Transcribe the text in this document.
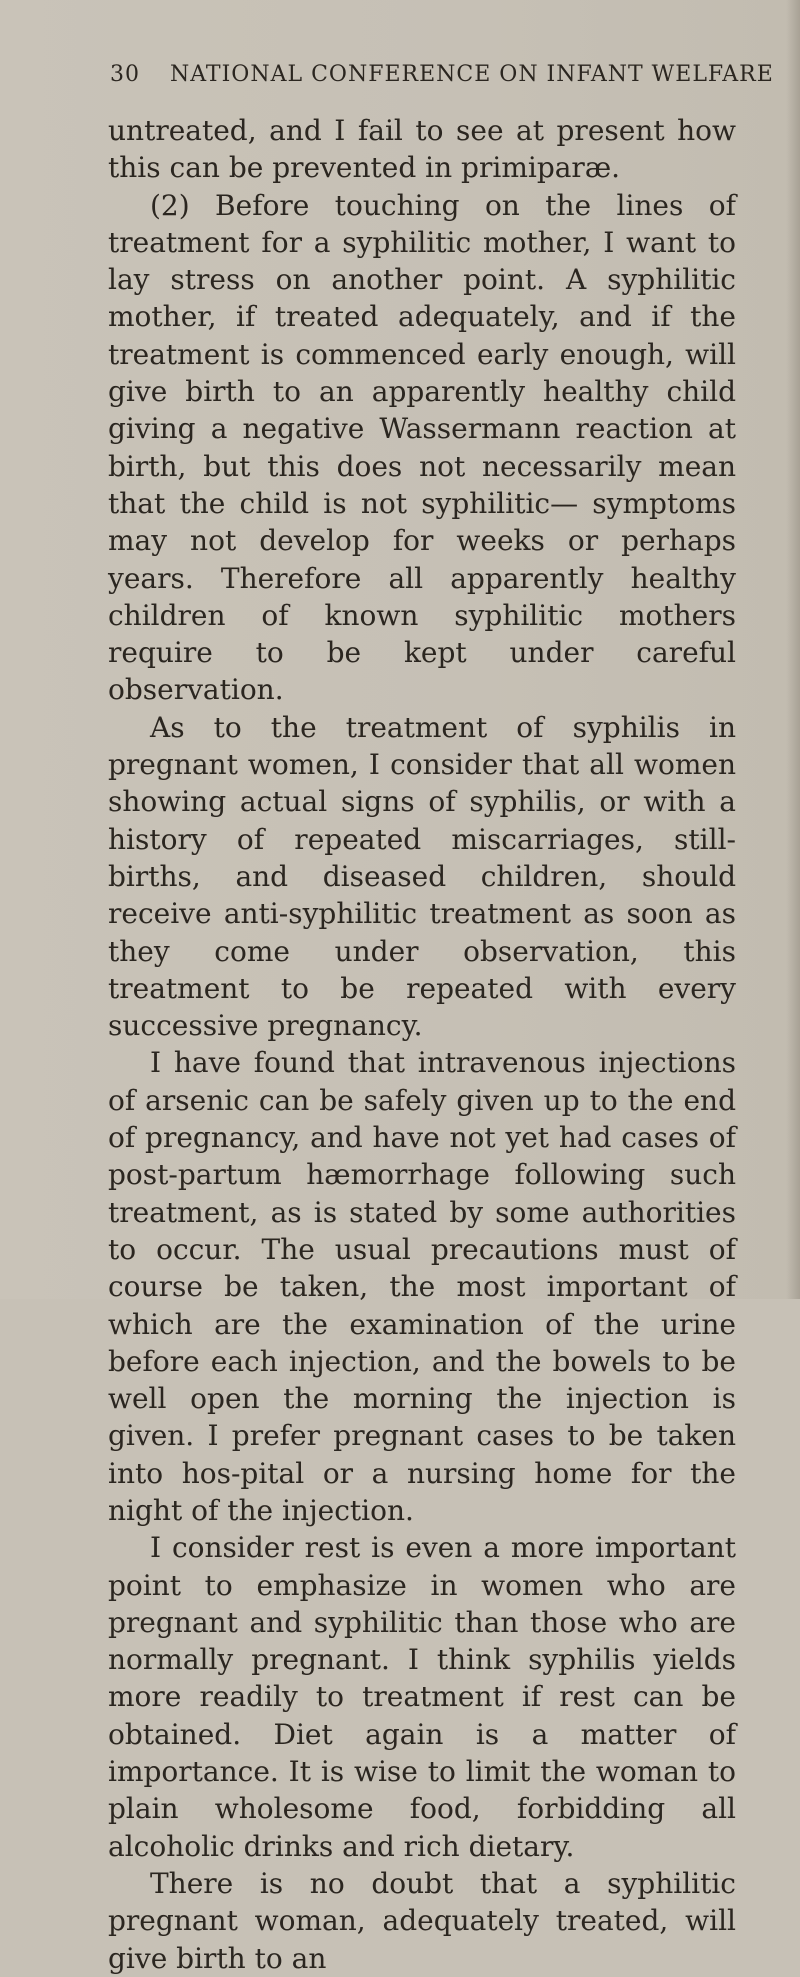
30 NATIONAL CONFERENCE ON INFANT WELFARE

untreated, and I fail to see at present how this can be prevented in primiparæ.

(2) Before touching on the lines of treatment for a syphilitic mother, I want to lay stress on another point. A syphilitic mother, if treated adequately, and if the treatment is commenced early enough, will give birth to an apparently healthy child giving a negative Wassermann reaction at birth, but this does not necessarily mean that the child is not syphilitic— symptoms may not develop for weeks or perhaps years. Therefore all apparently healthy children of known syphilitic mothers require to be kept under careful observation.

As to the treatment of syphilis in pregnant women, I consider that all women showing actual signs of syphilis, or with a history of repeated miscarriages, still-births, and diseased children, should receive anti-syphilitic treatment as soon as they come under observation, this treatment to be repeated with every successive pregnancy.

I have found that intravenous injections of arsenic can be safely given up to the end of pregnancy, and have not yet had cases of post-partum hæmorrhage following such treatment, as is stated by some authorities to occur. The usual precautions must of course be taken, the most important of which are the examination of the urine before each injection, and the bowels to be well open the morning the injection is given. I prefer pregnant cases to be taken into hos-pital or a nursing home for the night of the injection.

I consider rest is even a more important point to emphasize in women who are pregnant and syphilitic than those who are normally pregnant. I think syphilis yields more readily to treatment if rest can be obtained. Diet again is a matter of importance. It is wise to limit the woman to plain wholesome food, forbidding all alcoholic drinks and rich dietary.

There is no doubt that a syphilitic pregnant woman, adequately treated, will give birth to an
